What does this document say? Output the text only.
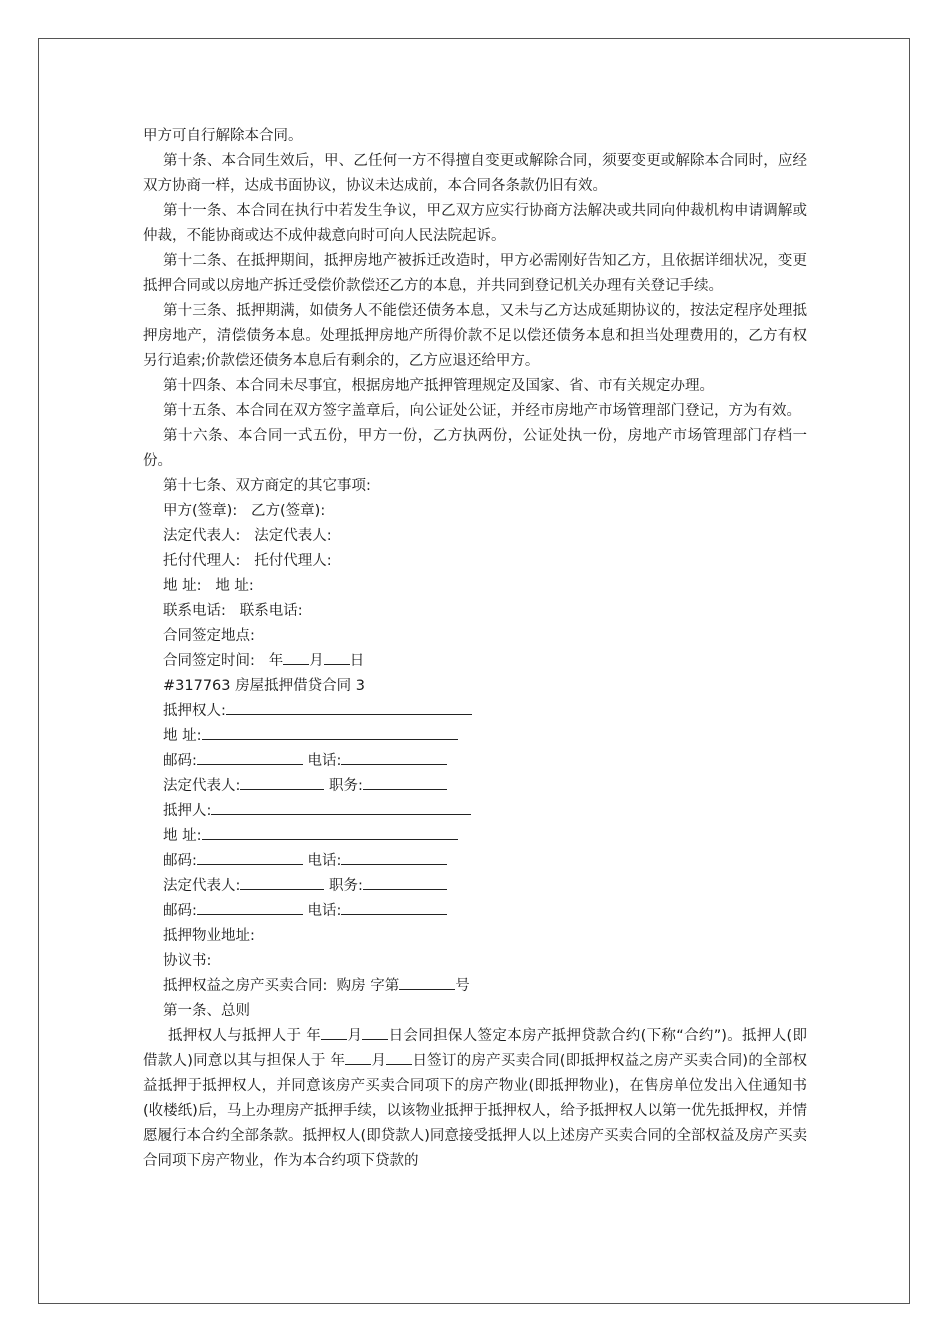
甲方可自行解除本合同。

第十条、本合同生效后，甲、乙任何一方不得擅自变更或解除合同，须要变更或解除本合同时，应经双方协商一样，达成书面协议，协议未达成前，本合同各条款仍旧有效。

第十一条、本合同在执行中若发生争议，甲乙双方应实行协商方法解决或共同向仲裁机构申请调解或仲裁，不能协商或达不成仲裁意向时可向人民法院起诉。

第十二条、在抵押期间，抵押房地产被拆迁改造时，甲方必需刚好告知乙方，且依据详细状况，变更抵押合同或以房地产拆迁受偿价款偿还乙方的本息，并共同到登记机关办理有关登记手续。

第十三条、抵押期满，如债务人不能偿还债务本息，又未与乙方达成延期协议的，按法定程序处理抵押房地产，清偿债务本息。处理抵押房地产所得价款不足以偿还债务本息和担当处理费用的，乙方有权另行追索;价款偿还债务本息后有剩余的，乙方应退还给甲方。

第十四条、本合同未尽事宜，根据房地产抵押管理规定及国家、省、市有关规定办理。

第十五条、本合同在双方签字盖章后，向公证处公证，并经市房地产市场管理部门登记，方为有效。

第十六条、本合同一式五份，甲方一份，乙方执两份，公证处执一份，房地产市场管理部门存档一份。

第十七条、双方商定的其它事项:
甲方(签章):   乙方(签章):
法定代表人:   法定代表人:
托付代理人:   托付代理人:
地 址:   地 址:
联系电话:   联系电话:
合同签定地点:
合同签定时间:   年 月 日
#317763 房屋抵押借贷合同 3
抵押权人:
地 址:
邮码:	电话:
法定代表人:	职务:
抵押人:
地 址:
邮码:	电话:
法定代表人:	职务:
邮码:	电话:
抵押物业地址:
协议书:
抵押权益之房产买卖合同:  购房 字第	号
第一条、总则

抵押权人与抵押人于 年 月 日会同担保人签定本房产抵押贷款合约(下称“合约”)。抵押人(即借款人)同意以其与担保人于 年 月 日签订的房产买卖合同(即抵押权益之房产买卖合同)的全部权益抵押于抵押权人，并同意该房产买卖合同项下的房产物业(即抵押物业)，在售房单位发出入住通知书(收楼纸)后，马上办理房产抵押手续，以该物业抵押于抵押权人，给予抵押权人以第一优先抵押权，并情愿履行本合约全部条款。抵押权人(即贷款人)同意接受抵押人以上述房产买卖合同的全部权益及房产买卖合同项下房产物业，作为本合约项下贷款的
